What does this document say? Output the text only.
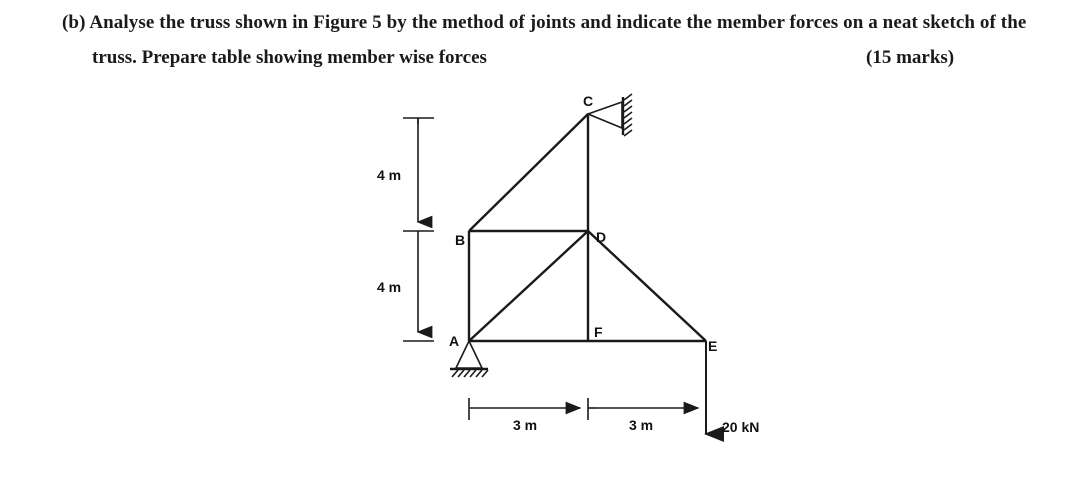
(b) Analyse the truss shown in Figure 5 by the method of joints and indicate the member forces on a neat sketch of the
truss. Prepare table showing member wise forces	(15 marks)
20 kN
C
B	D
A
F
E
4 m
4 m
3 m	3 m
